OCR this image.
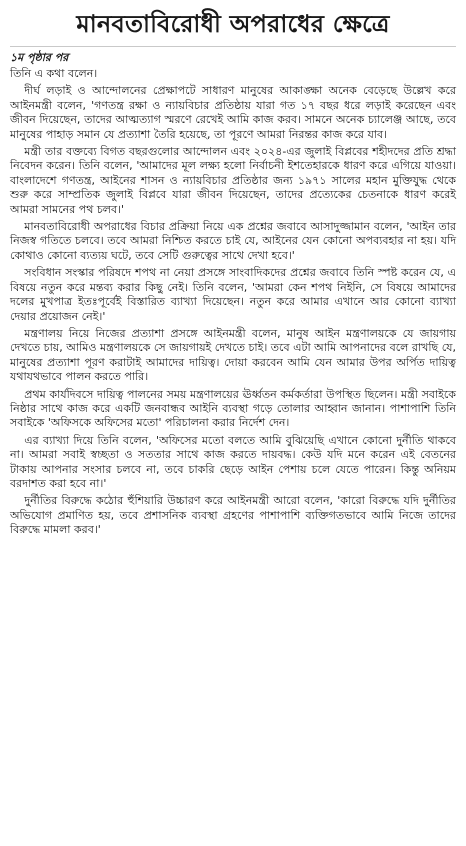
মানবতাবিরোধী অপরাধের ক্ষেত্রে
১ম পৃষ্ঠার পর

তিনি এ কথা বলেন।

দীর্ঘ লড়াই ও আন্দোলনের প্রেক্ষাপটে সাধারণ মানুষের আকাঙ্ক্ষা অনেক বেড়েছে উল্লেখ করে আইনমন্ত্রী বলেন, 'গণতন্ত্র রক্ষা ও ন্যায়বিচার প্রতিষ্ঠায় যারা গত ১৭ বছর ধরে লড়াই করেছেন এবং জীবন দিয়েছেন, তাদের আত্মত্যাগ স্মরণে রেখেই আমি কাজ করব। সামনে অনেক চ্যালেঞ্জ আছে, তবে মানুষের পাহাড় সমান যে প্রত্যাশা তৈরি হয়েছে, তা পূরণে আমরা নিরন্তর কাজ করে যাব।

মন্ত্রী তার বক্তব্যে বিগত বছরগুলোর আন্দোলন এবং ২০২৪-এর জুলাই বিপ্লবের শহীদদের প্রতি শ্রদ্ধা নিবেদন করেন। তিনি বলেন, 'আমাদের মূল লক্ষ্য হলো নির্বাচনী ইশতেহারকে ধারণ করে এগিয়ে যাওয়া। বাংলাদেশে গণতন্ত্র, আইনের শাসন ও ন্যায়বিচার প্রতিষ্ঠার জন্য ১৯৭১ সালের মহান মুক্তিযুদ্ধ থেকে শুরু করে সাম্প্রতিক জুলাই বিপ্লবে যারা জীবন দিয়েছেন, তাদের প্রত্যেকের চেতনাকে ধারণ করেই আমরা সামনের পথ চলব।'

মানবতাবিরোধী অপরাধের বিচার প্রক্রিয়া নিয়ে এক প্রশ্নের জবাবে আসাদুজ্জামান বলেন, 'আইন তার নিজস্ব গতিতে চলবে। তবে আমরা নিশ্চিত করতে চাই যে, আইনের যেন কোনো অপব্যবহার না হয়। যদি কোথাও কোনো ব্যত্যয় ঘটে, তবে সেটি গুরুত্বের সাথে দেখা হবে।'

সংবিধান সংস্কার পরিষদে শপথ না নেয়া প্রসঙ্গে সাংবাদিকদের প্রশ্নের জবাবে তিনি স্পষ্ট করেন যে, এ বিষয়ে নতুন করে মন্তব্য করার কিছু নেই। তিনি বলেন, 'আমরা কেন শপথ নিইনি, সে বিষয়ে আমাদের দলের মুখপাত্র ইতঃপূর্বেই বিস্তারিত ব্যাখ্যা দিয়েছেন। নতুন করে আমার এখানে আর কোনো ব্যাখ্যা দেয়ার প্রয়োজন নেই।'

মন্ত্রণালয় নিয়ে নিজের প্রত্যাশা প্রসঙ্গে আইনমন্ত্রী বলেন, মানুষ আইন মন্ত্রণালয়কে যে জায়গায় দেখতে চায়, আমিও মন্ত্রণালয়কে সে জায়গায়ই দেখতে চাই। তবে এটা আমি আপনাদের বলে রাখছি যে, মানুষের প্রত্যাশা পূরণ করাটাই আমাদের দায়িত্ব। দোয়া করবেন আমি যেন আমার উপর অর্পিত দায়িত্ব যথাযথভাবে পালন করতে পারি।

প্রথম কার্যদিবসে দায়িত্ব পালনের সময় মন্ত্রণালয়ের ঊর্ধ্বতন কর্মকর্তারা উপস্থিত ছিলেন। মন্ত্রী সবাইকে নিষ্ঠার সাথে কাজ করে একটি জনবান্ধব আইনি ব্যবস্থা গড়ে তোলার আহ্বান জানান। পাশাপাশি তিনি সবাইকে 'অফিসকে অফিসের মতো' পরিচালনা করার নির্দেশ দেন।

এর ব্যাখ্যা দিয়ে তিনি বলেন, 'অফিসের মতো বলতে আমি বুঝিয়েছি এখানে কোনো দুর্নীতি থাকবে না। আমরা সবাই স্বচ্ছতা ও সততার সাথে কাজ করতে দায়বদ্ধ। কেউ যদি মনে করেন এই বেতনের টাকায় আপনার সংসার চলবে না, তবে চাকরি ছেড়ে আইন পেশায় চলে যেতে পারেন। কিন্তু অনিয়ম বরদাশত করা হবে না।'

দুর্নীতির বিরুদ্ধে কঠোর হুঁশিয়ারি উচ্চারণ করে আইনমন্ত্রী আরো বলেন, 'কারো বিরুদ্ধে যদি দুর্নীতির অভিযোগ প্রমাণিত হয়, তবে প্রশাসনিক ব্যবস্থা গ্রহণের পাশাপাশি ব্যক্তিগতভাবে আমি নিজে তাদের বিরুদ্ধে মামলা করব।'
